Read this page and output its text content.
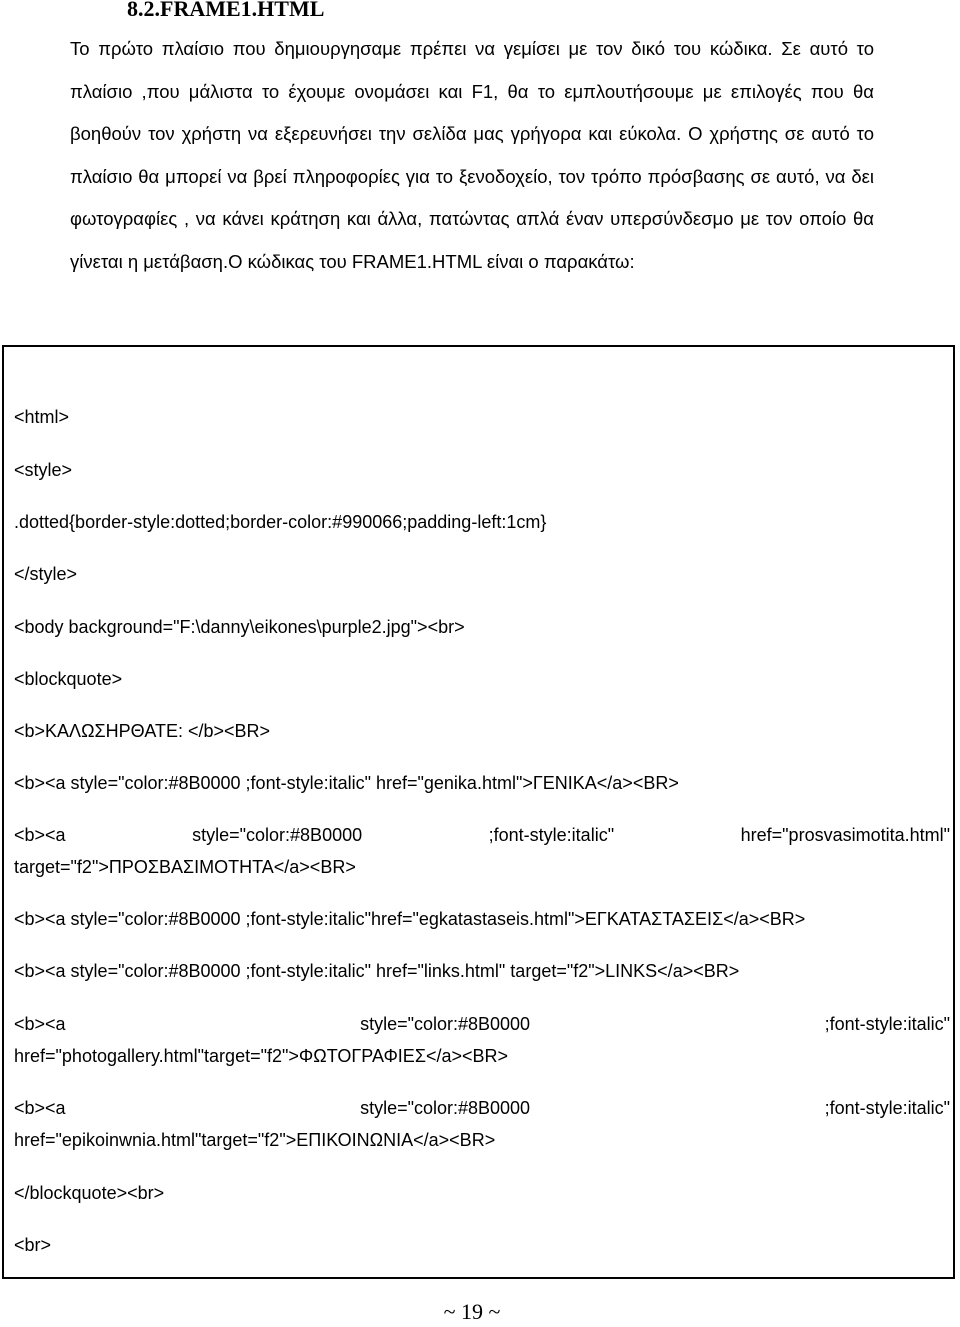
8.2.FRAME1.HTML

Το πρώτο πλαίσιο που δημιουργησαμε πρέπει να γεμίσει με τον δικό του κώδικα. Σε αυτό το πλαίσιο ,που μάλιστα το έχουμε ονομάσει και F1, θα το εμπλουτήσουμε με επιλογές που θα βοηθούν τον χρήστη να εξερευνήσει την σελίδα μας γρήγορα και εύκολα. Ο χρήστης σε αυτό το πλαίσιο θα μπορεί να βρεί πληροφορίες για το ξενοδοχείο, τον τρόπο πρόσβασης σε αυτό, να δει φωτογραφίες , να κάνει κράτηση και άλλα, πατώντας απλά έναν υπερσύνδεσμο με τον οποίο θα γίνεται η μετάβαση.Ο κώδικας του FRAME1.HTML είναι ο παρακάτω:

<html>
<style>
.dotted{border-style:dotted;border-color:#990066;padding-left:1cm}
</style>
<body background="F:\danny\eikones\purple2.jpg"><br>
<blockquote>
<b>ΚΑΛΩΣΗΡΘΑΤΕ: </b><BR>
<b><a style="color:#8B0000 ;font-style:italic" href="genika.html">ΓΕΝΙΚΑ</a><BR>
<b><a	style="color:#8B0000	;font-style:italic"	href="prosvasimotita.html"
target="f2">ΠΡΟΣΒΑΣΙΜΟΤΗΤΑ</a><BR>
<b><a style="color:#8B0000 ;font-style:italic"href="egkatastaseis.html">ΕΓΚΑΤΑΣΤΑΣΕΙΣ</a><BR>
<b><a style="color:#8B0000 ;font-style:italic" href="links.html" target="f2">LINKS</a><BR>
<b><a	style="color:#8B0000	;font-style:italic"
href="photogallery.html"target="f2">ΦΩΤΟΓΡΑΦΙΕΣ</a><BR>
<b><a	style="color:#8B0000	;font-style:italic"
href="epikoinwnia.html"target="f2">ΕΠΙΚΟΙΝΩΝΙΑ</a><BR>
</blockquote><br>
<br>
~ 19 ~
